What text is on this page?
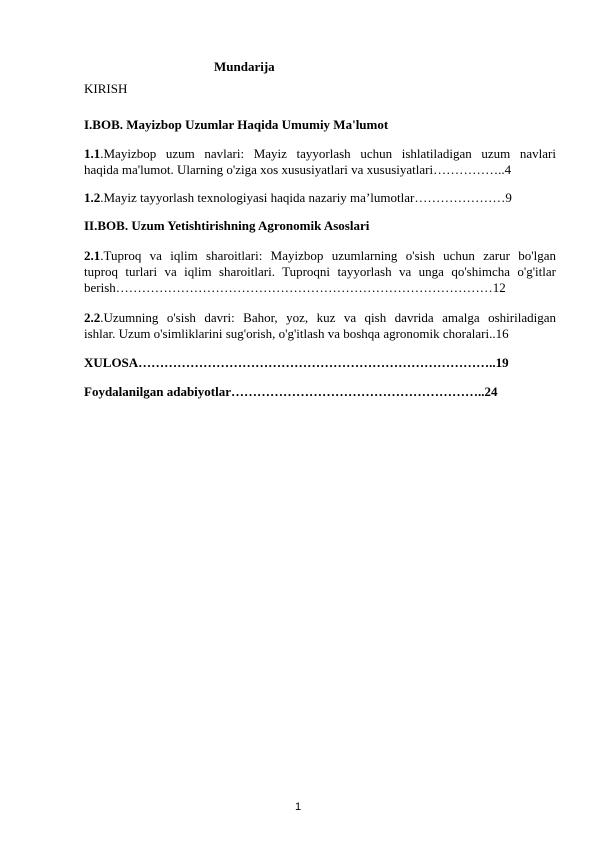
Mundarija
KIRISH
I.BOB. Mayizbop Uzumlar Haqida Umumiy Ma'lumot
1.1.Mayizbop uzum navlari: Mayiz tayyorlash uchun ishlatiladigan uzum navlari
haqida ma'lumot. Ularning o'ziga xos xususiyatlari va xususiyatlari……………..4
1.2.Mayiz tayyorlash texnologiyasi haqida nazariy ma’lumotlar…………………9
II.BOB. Uzum Yetishtirishning Agronomik Asoslari
2.1.Tuproq va iqlim sharoitlari: Mayizbop uzumlarning o'sish uchun zarur bo'lgan
tuproq turlari va iqlim sharoitlari. Tuproqni tayyorlash va unga qo'shimcha o'g'itlar
berish……………………………………………………………………………12
2.2.Uzumning o'sish davri: Bahor, yoz, kuz va qish davrida amalga oshiriladigan
ishlar. Uzum o'simliklarini sug'orish, o'g'itlash va boshqa agronomik choralari..16
XULOSA………………………………………………………………………..19
Foydalanilgan adabiyotlar…………………………………………………..24
1
